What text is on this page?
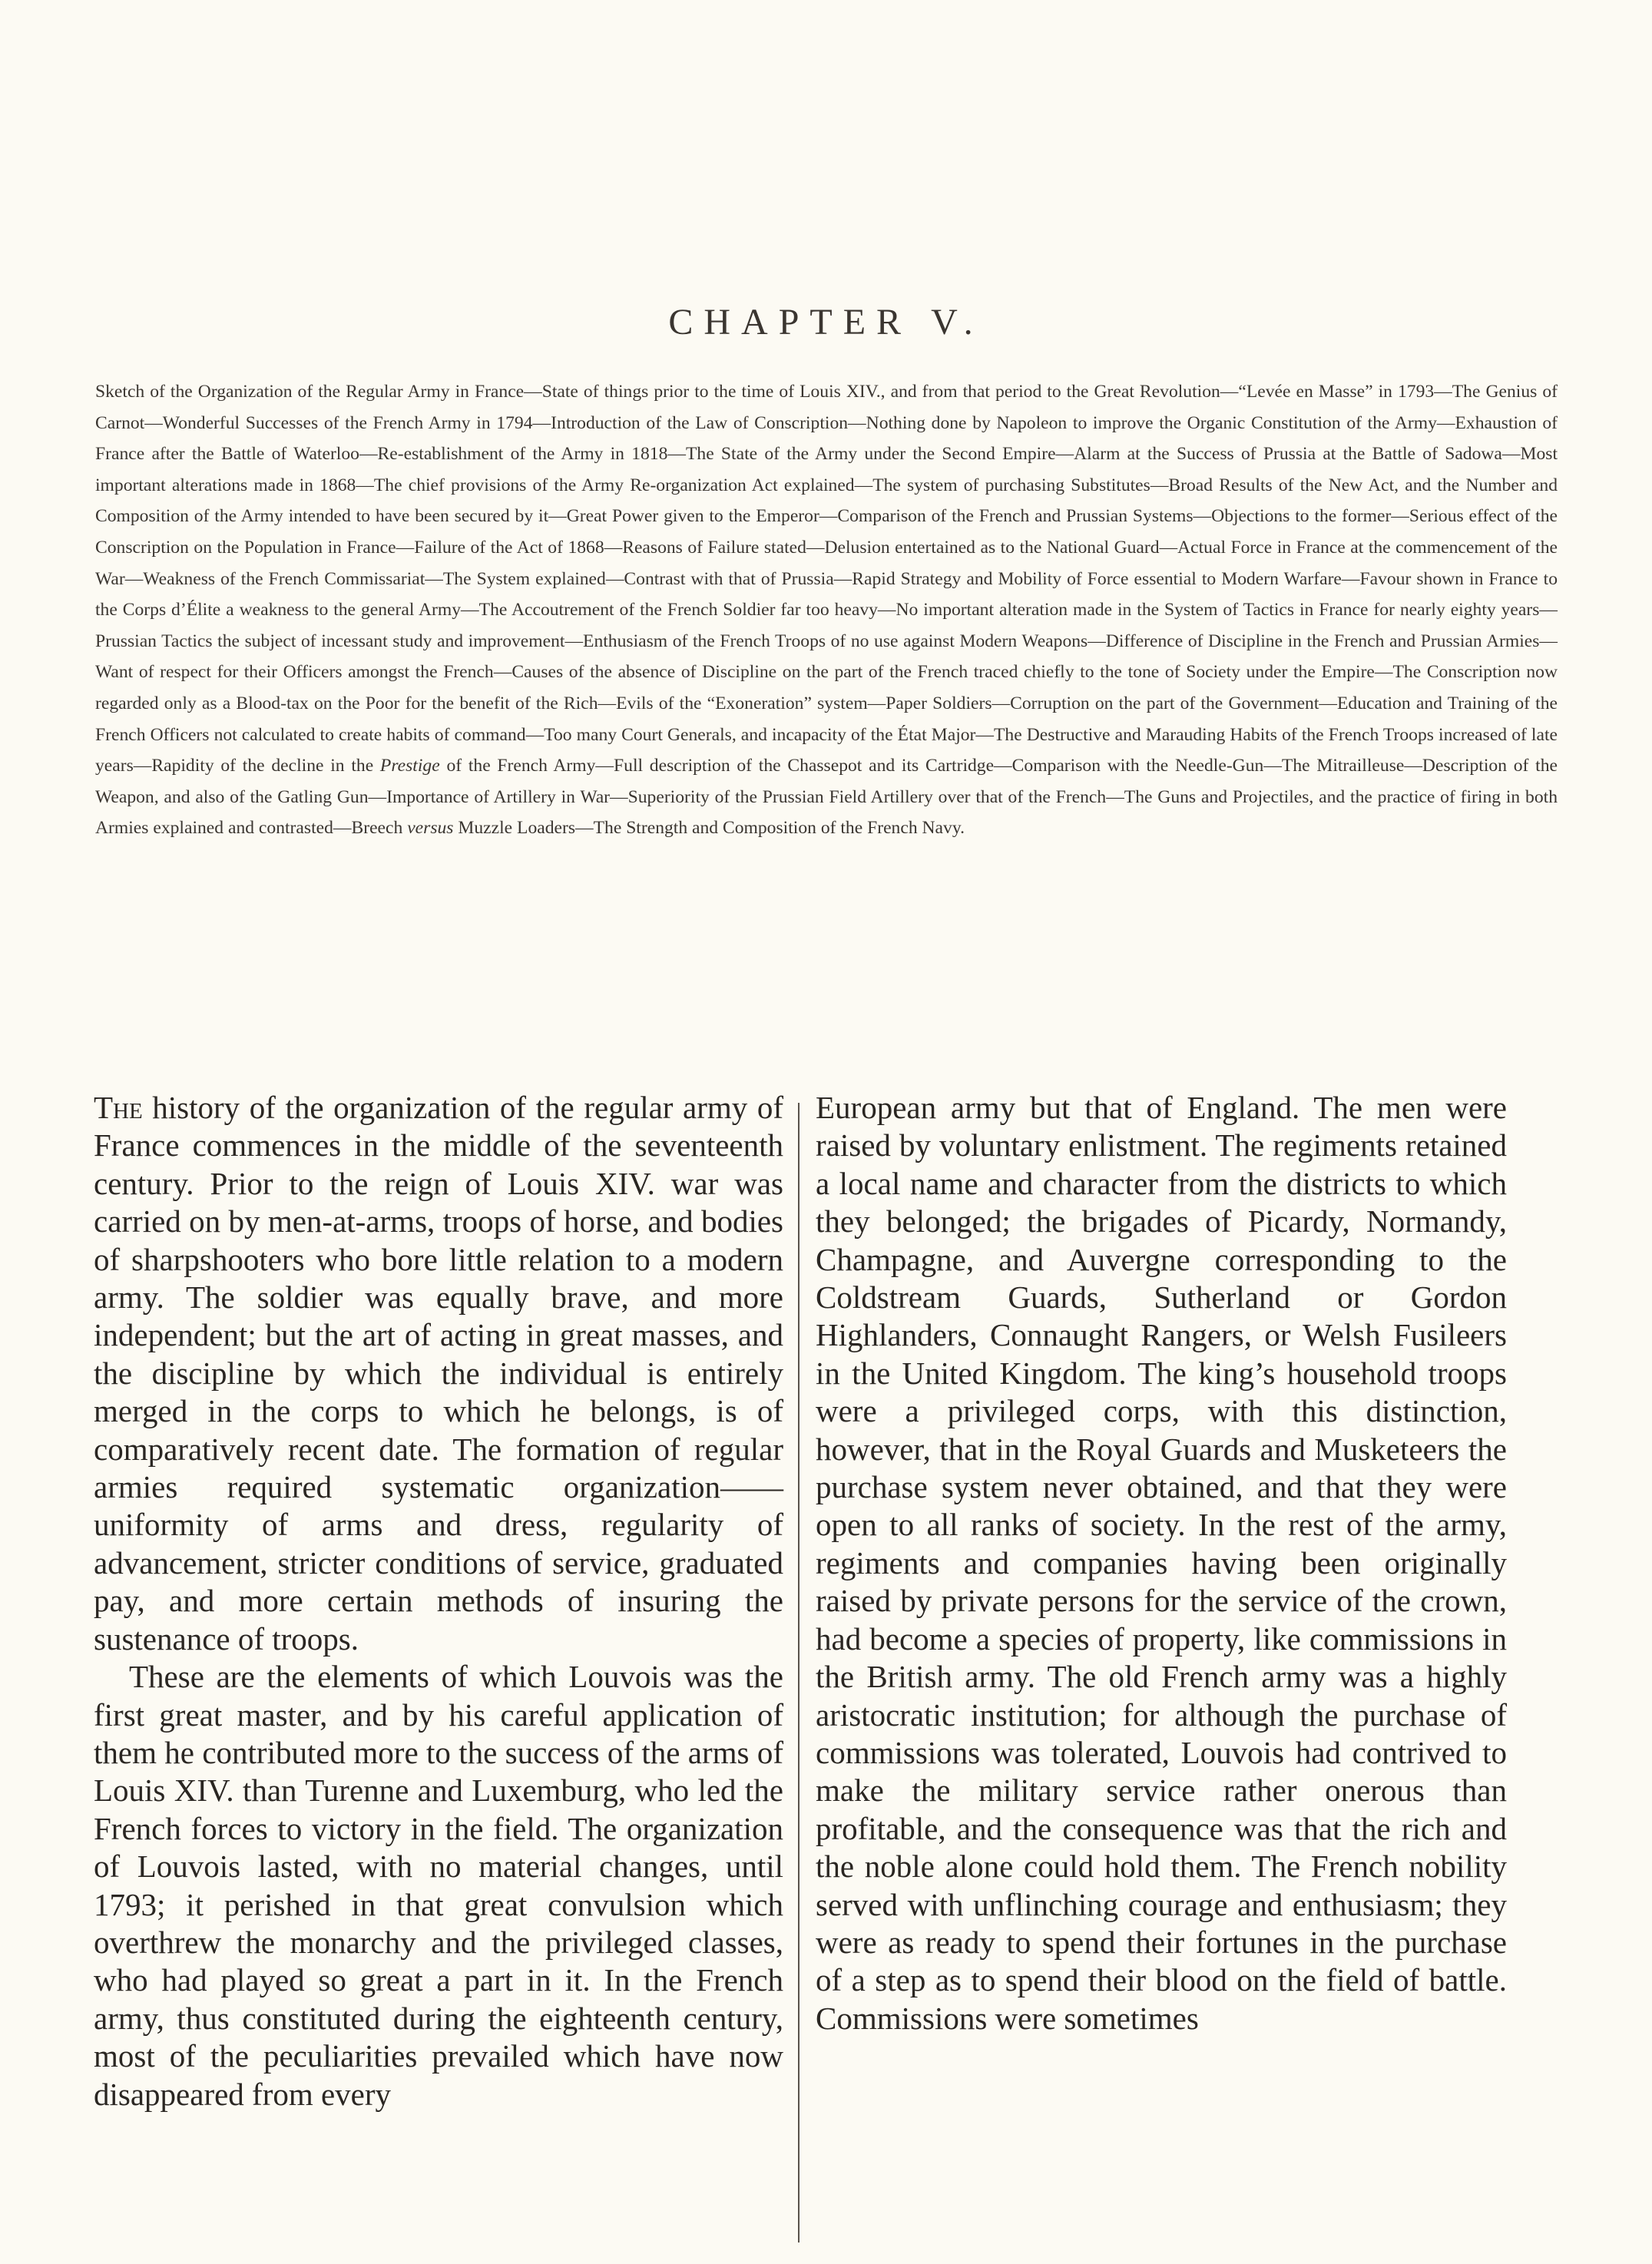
CHAPTER V.

Sketch of the Organization of the Regular Army in France—State of things prior to the time of Louis XIV., and from that period to the Great Revolution—“Levée en Masse” in 1793—The Genius of Carnot—Wonderful Successes of the French Army in 1794—Introduction of the Law of Conscription—Nothing done by Napoleon to improve the Organic Constitution of the Army—Exhaustion of France after the Battle of Waterloo—Re-establishment of the Army in 1818—The State of the Army under the Second Empire—Alarm at the Success of Prussia at the Battle of Sadowa—Most important alterations made in 1868—The chief provisions of the Army Re-organization Act explained—The system of purchasing Substitutes—Broad Results of the New Act, and the Number and Composition of the Army intended to have been secured by it—Great Power given to the Emperor—Comparison of the French and Prussian Systems—Objections to the former—Serious effect of the Conscription on the Population in France—Failure of the Act of 1868—Reasons of Failure stated—Delusion entertained as to the National Guard—Actual Force in France at the commencement of the War—Weakness of the French Commissariat—The System explained—Contrast with that of Prussia—Rapid Strategy and Mobility of Force essential to Modern Warfare—Favour shown in France to the Corps d’Élite a weakness to the general Army—The Accoutrement of the French Soldier far too heavy—No important alteration made in the System of Tactics in France for nearly eighty years—Prussian Tactics the subject of incessant study and improvement—Enthusiasm of the French Troops of no use against Modern Weapons—Difference of Discipline in the French and Prussian Armies—Want of respect for their Officers amongst the French—Causes of the absence of Discipline on the part of the French traced chiefly to the tone of Society under the Empire—The Conscription now regarded only as a Blood-tax on the Poor for the benefit of the Rich—Evils of the “Exoneration” system—Paper Soldiers—Corruption on the part of the Government—Education and Training of the French Officers not calculated to create habits of command—Too many Court Generals, and incapacity of the État Major—The Destructive and Marauding Habits of the French Troops increased of late years—Rapidity of the decline in the Prestige of the French Army—Full description of the Chassepot and its Cartridge—Comparison with the Needle-Gun—The Mitrailleuse—Description of the Weapon, and also of the Gatling Gun—Importance of Artillery in War—Superiority of the Prussian Field Artillery over that of the French—The Guns and Projectiles, and the practice of firing in both Armies explained and contrasted—Breech versus Muzzle Loaders—The Strength and Composition of the French Navy.

The history of the organization of the regular army of France commences in the middle of the seventeenth century. Prior to the reign of Louis XIV. war was carried on by men-at-arms, troops of horse, and bodies of sharpshooters who bore little relation to a modern army. The soldier was equally brave, and more independent; but the art of acting in great masses, and the discipline by which the individual is entirely merged in the corps to which he belongs, is of comparatively recent date. The formation of regular armies required systematic organization——uniformity of arms and dress, regularity of advancement, stricter conditions of service, graduated pay, and more certain methods of insuring the sustenance of troops.

These are the elements of which Louvois was the first great master, and by his careful application of them he contributed more to the success of the arms of Louis XIV. than Turenne and Luxemburg, who led the French forces to victory in the field. The organization of Louvois lasted, with no material changes, until 1793; it perished in that great convulsion which overthrew the monarchy and the privileged classes, who had played so great a part in it. In the French army, thus constituted during the eighteenth century, most of the peculiarities prevailed which have now disappeared from every

European army but that of England. The men were raised by voluntary enlistment. The regiments retained a local name and character from the districts to which they belonged; the brigades of Picardy, Normandy, Champagne, and Auvergne corresponding to the Coldstream Guards, Sutherland or Gordon Highlanders, Connaught Rangers, or Welsh Fusileers in the United Kingdom. The king’s household troops were a privileged corps, with this distinction, however, that in the Royal Guards and Musketeers the purchase system never obtained, and that they were open to all ranks of society. In the rest of the army, regiments and companies having been originally raised by private persons for the service of the crown, had become a species of property, like commissions in the British army. The old French army was a highly aristocratic institution; for although the purchase of commissions was tolerated, Louvois had contrived to make the military service rather onerous than profitable, and the consequence was that the rich and the noble alone could hold them. The French nobility served with unflinching courage and enthusiasm; they were as ready to spend their fortunes in the purchase of a step as to spend their blood on the field of battle. Commissions were sometimes
